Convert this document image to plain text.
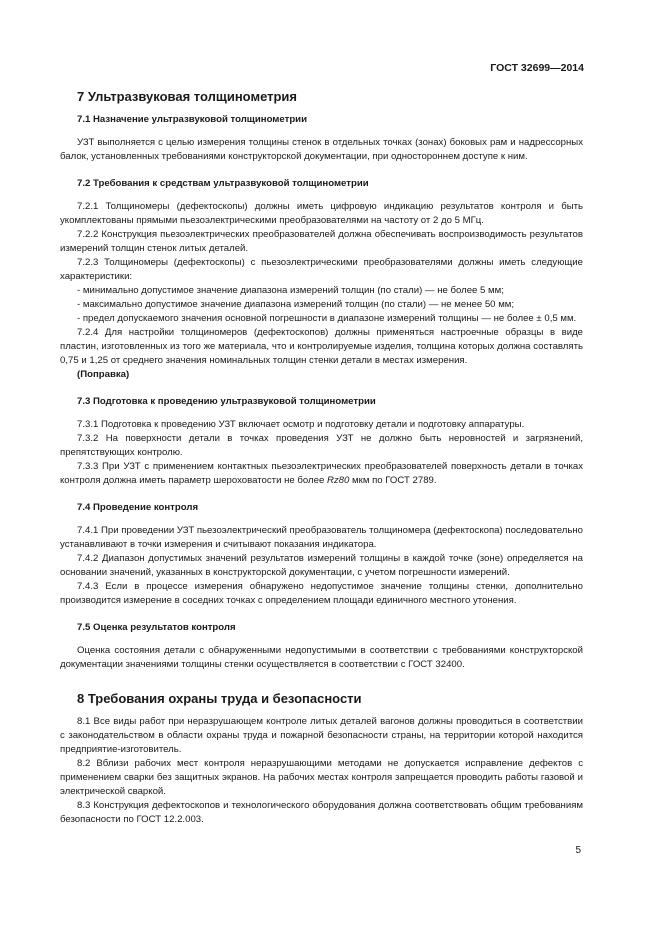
ГОСТ 32699—2014
7 Ультразвуковая толщинометрия
7.1 Назначение ультразвуковой толщинометрии

УЗТ выполняется с целью измерения толщины стенок в отдельных точках (зонах) боковых рам и надрессорных балок, установленных требованиями конструкторской документации, при одностороннем доступе к ним.

7.2 Требования к средствам ультразвуковой толщинометрии

7.2.1 Толщиномеры (дефектоскопы) должны иметь цифровую индикацию результатов контроля и быть укомплектованы прямыми пьезоэлектрическими преобразователями на частоту от 2 до 5 МГц.

7.2.2 Конструкция пьезоэлектрических преобразователей должна обеспечивать воспроизводимость результатов измерений толщин стенок литых деталей.

7.2.3 Толщиномеры (дефектоскопы) с пьезоэлектрическими преобразователями должны иметь следующие характеристики:

- минимально допустимое значение диапазона измерений толщин (по стали) — не более 5 мм;

- максимально допустимое значение диапазона измерений толщин (по стали) — не менее 50 мм;

- предел допускаемого значения основной погрешности в диапазоне измерений толщины — не более ± 0,5 мм.

7.2.4 Для настройки толщиномеров (дефектоскопов) должны применяться настроечные образцы в виде пластин, изготовленных из того же материала, что и контролируемые изделия, толщина которых должна составлять 0,75 и 1,25 от среднего значения номинальных толщин стенки детали в местах измерения.

(Поправка)

7.3 Подготовка к проведению ультразвуковой толщинометрии

7.3.1 Подготовка к проведению УЗТ включает осмотр и подготовку детали и подготовку аппаратуры.

7.3.2 На поверхности детали в точках проведения УЗТ не должно быть неровностей и загрязнений, препятствующих контролю.

7.3.3 При УЗТ с применением контактных пьезоэлектрических преобразователей поверхность детали в точках контроля должна иметь параметр шероховатости не более Rz80 мкм по ГОСТ 2789.

7.4 Проведение контроля

7.4.1 При проведении УЗТ пьезоэлектрический преобразователь толщиномера (дефектоскопа) последовательно устанавливают в точки измерения и считывают показания индикатора.

7.4.2 Диапазон допустимых значений результатов измерений толщины в каждой точке (зоне) определяется на основании значений, указанных в конструкторской документации, с учетом погрешности измерений.

7.4.3 Если в процессе измерения обнаружено недопустимое значение толщины стенки, дополнительно производится измерение в соседних точках с определением площади единичного местного утонения.

7.5 Оценка результатов контроля

Оценка состояния детали с обнаруженными недопустимыми в соответствии с требованиями конструкторской документации значениями толщины стенки осуществляется в соответствии с ГОСТ 32400.

8 Требования охраны труда и безопасности

8.1 Все виды работ при неразрушающем контроле литых деталей вагонов должны проводиться в соответствии с законодательством в области охраны труда и пожарной безопасности страны, на территории которой находится предприятие-изготовитель.

8.2 Вблизи рабочих мест контроля неразрушающими методами не допускается исправление дефектов с применением сварки без защитных экранов. На рабочих местах контроля запрещается проводить работы газовой и электрической сваркой.

8.3 Конструкция дефектоскопов и технологического оборудования должна соответствовать общим требованиям безопасности по ГОСТ 12.2.003.

5
